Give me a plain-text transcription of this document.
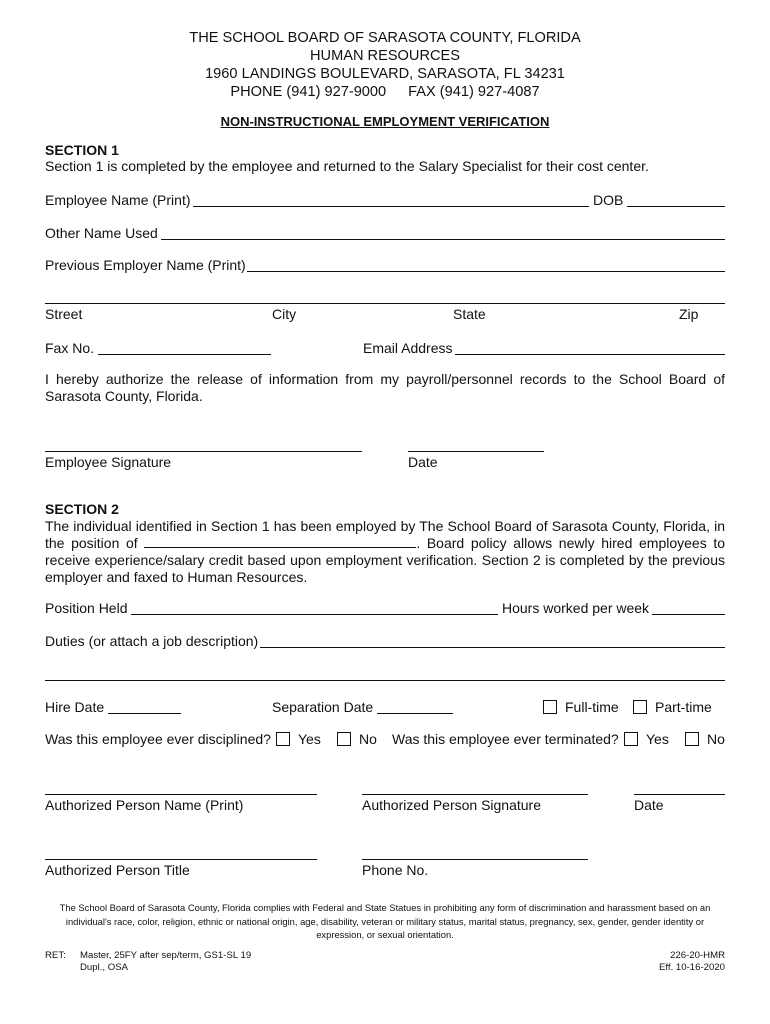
THE SCHOOL BOARD OF SARASOTA COUNTY, FLORIDA
HUMAN RESOURCES
1960 LANDINGS BOULEVARD, SARASOTA, FL 34231
PHONE (941) 927-9000 FAX (941) 927-4087
NON-INSTRUCTIONAL EMPLOYMENT VERIFICATION
SECTION 1
Section 1 is completed by the employee and returned to the Salary Specialist for their cost center.
Employee Name (Print)	DOB
Other Name Used
Previous Employer Name (Print)
Street	City	State	Zip
Fax No.	Email Address
I hereby authorize the release of information from my payroll/personnel records to the School Board of Sarasota County, Florida.
Employee Signature	Date
SECTION 2
The individual identified in Section 1 has been employed by The School Board of Sarasota County, Florida, in the position of	. Board policy allows newly hired employees to receive experience/salary credit based upon employment verification. Section 2 is completed by the previous employer and faxed to Human Resources.
Position Held	Hours worked per week
Duties (or attach a job description)
Hire Date	Separation Date	Full-time	Part-time
Was this employee ever disciplined? Yes	No Was this employee ever terminated? Yes	No
Authorized Person Name (Print)	Authorized Person Signature	Date
Authorized Person Title	Phone No.
The School Board of Sarasota County, Florida complies with Federal and State Statues in prohibiting any form of discrimination and harassment based on an individual's race, color, religion, ethnic or national origin, age, disability, veteran or military status, marital status, pregnancy, sex, gender, gender identity or expression, or sexual orientation.
RET: Master, 25FY after sep/term, GS1-SL 19
Dupl., OSA
226-20-HMR
Eff. 10-16-2020
